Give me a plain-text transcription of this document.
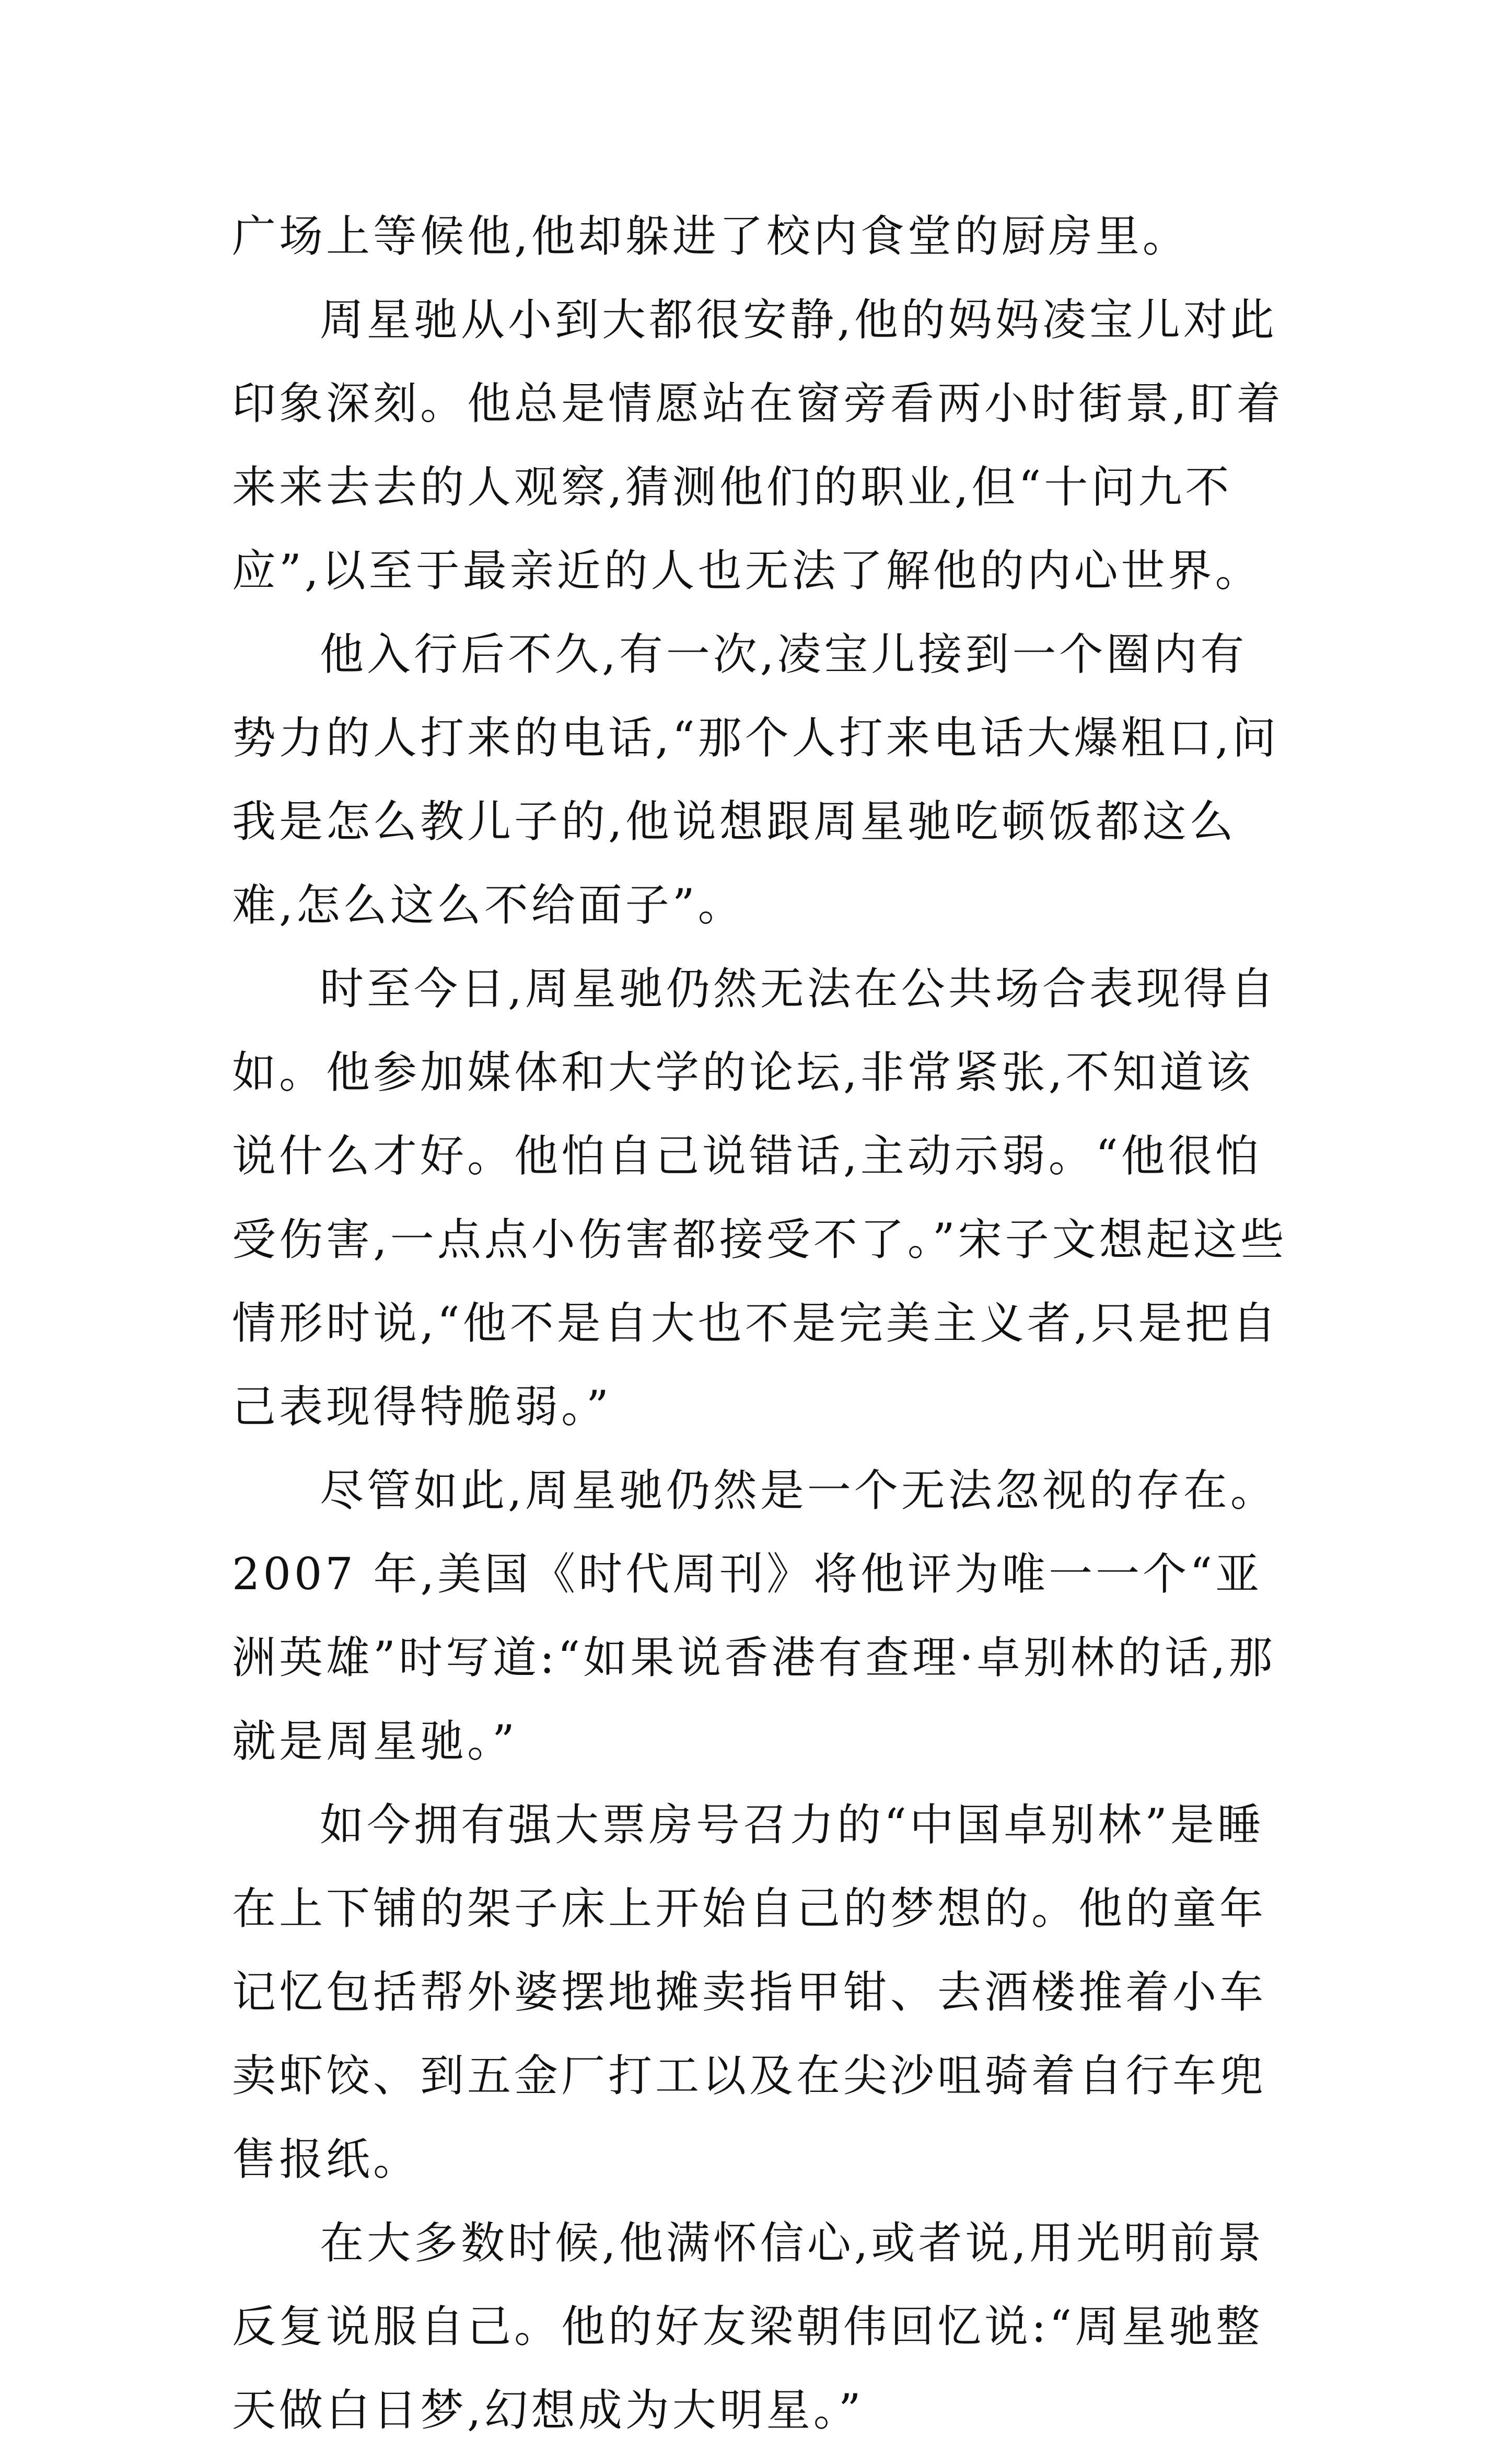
广场上等候他,他却躲进了校内食堂的厨房里。

周星驰从小到大都很安静,他的妈妈凌宝儿对此印象深刻。他总是情愿站在窗旁看两小时街景,盯着来来去去的人观察,猜测他们的职业,但“十问九不应”,以至于最亲近的人也无法了解他的内心世界。

他入行后不久,有一次,凌宝儿接到一个圈内有势力的人打来的电话,“那个人打来电话大爆粗口,问我是怎么教儿子的,他说想跟周星驰吃顿饭都这么难,怎么这么不给面子”。

时至今日,周星驰仍然无法在公共场合表现得自如。他参加媒体和大学的论坛,非常紧张,不知道该说什么才好。他怕自己说错话,主动示弱。“他很怕受伤害,一点点小伤害都接受不了。”宋子文想起这些情形时说,“他不是自大也不是完美主义者,只是把自己表现得特脆弱。”

尽管如此,周星驰仍然是一个无法忽视的存在。2007 年,美国《时代周刊》将他评为唯一一个“亚洲英雄”时写道:“如果说香港有查理·卓别林的话,那就是周星驰。”

如今拥有强大票房号召力的“中国卓别林”是睡在上下铺的架子床上开始自己的梦想的。他的童年记忆包括帮外婆摆地摊卖指甲钳、去酒楼推着小车卖虾饺、到五金厂打工以及在尖沙咀骑着自行车兜售报纸。

在大多数时候,他满怀信心,或者说,用光明前景反复说服自己。他的好友梁朝伟回忆说:“周星驰整天做白日梦,幻想成为大明星。”
